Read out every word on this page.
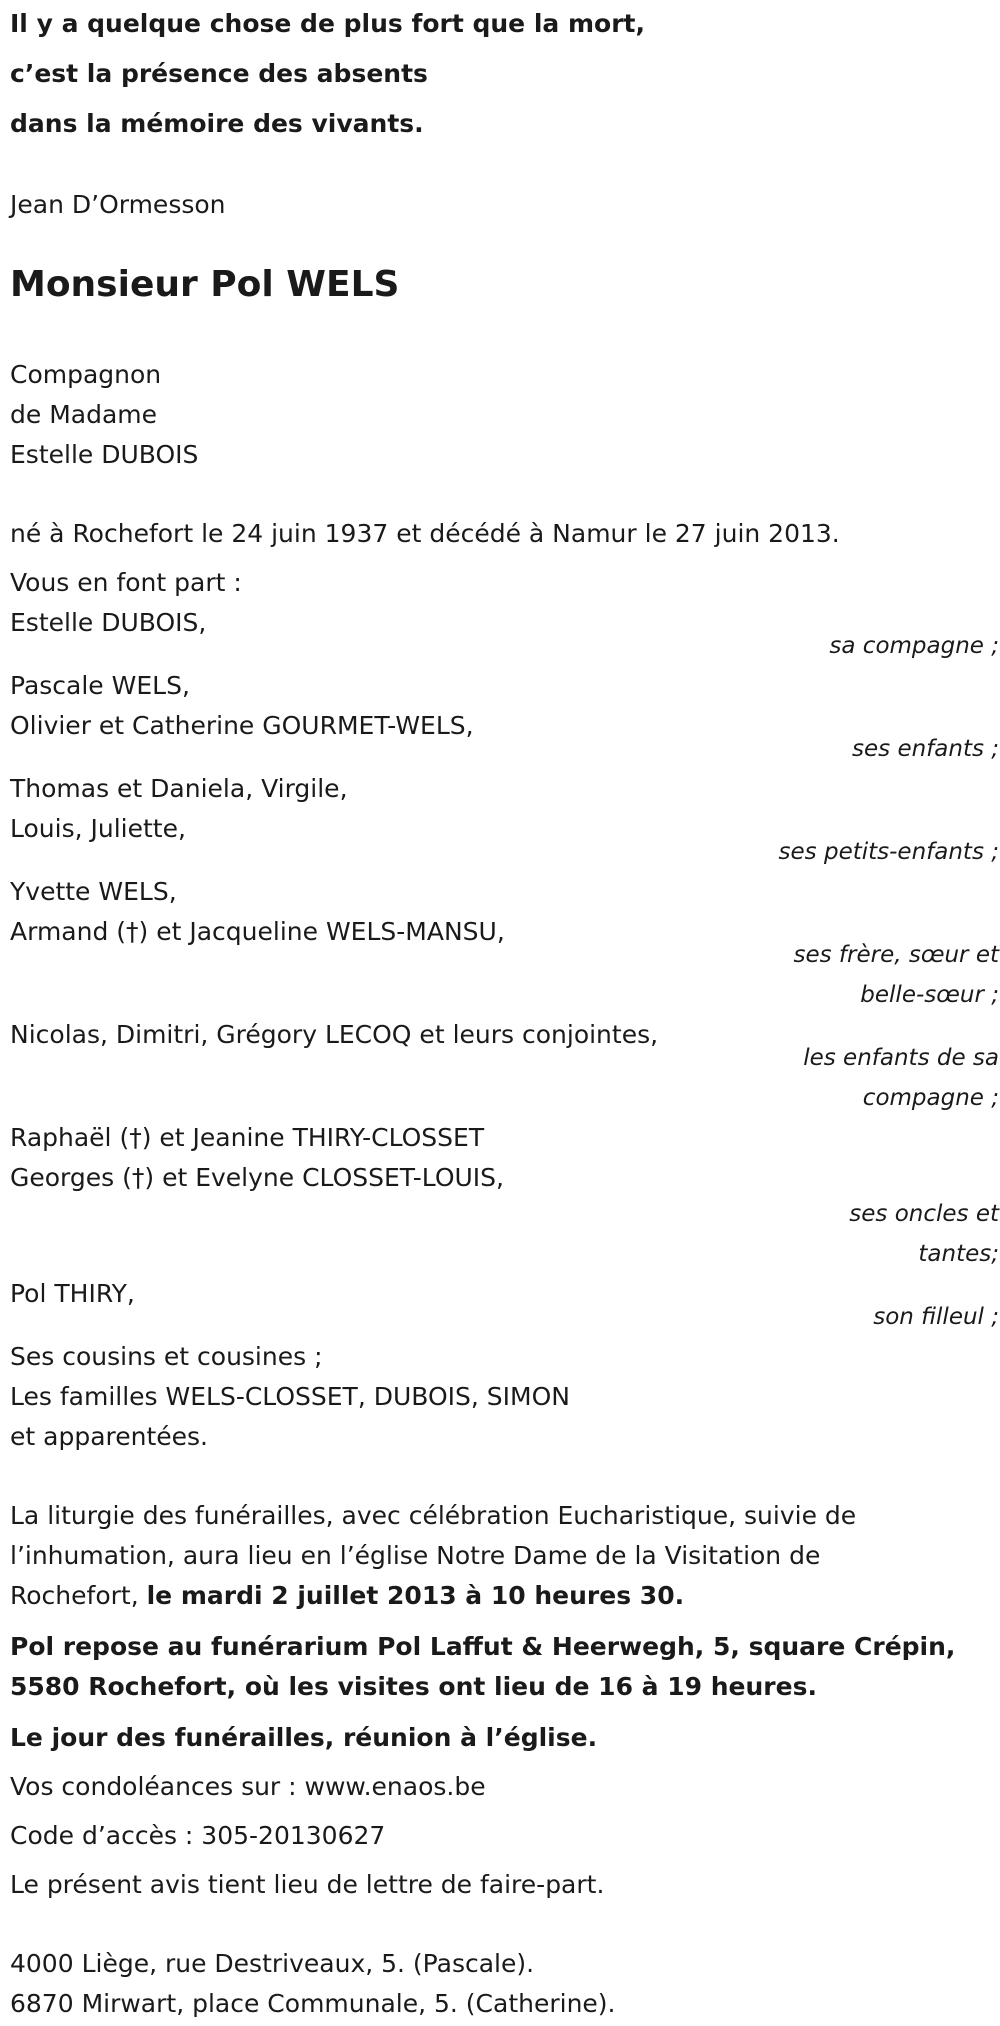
Il y a quelque chose de plus fort que la mort,

c’est la présence des absents

dans la mémoire des vivants.

Jean D’Ormesson

Monsieur Pol WELS

Compagnon

de Madame

Estelle DUBOIS

né à Rochefort le 24 juin 1937 et décédé à Namur le 27 juin 2013.

Vous en font part :

Estelle DUBOIS,

sa compagne ;

Pascale WELS,

Olivier et Catherine GOURMET-WELS,

ses enfants ;

Thomas et Daniela, Virgile,

Louis, Juliette,

ses petits-enfants ;

Yvette WELS,

Armand (†) et Jacqueline WELS-MANSU,

ses frère, sœur et

belle-sœur ;

Nicolas, Dimitri, Grégory LECOQ et leurs conjointes,

les enfants de sa

compagne ;

Raphaël (†) et Jeanine THIRY-CLOSSET

Georges (†) et Evelyne CLOSSET-LOUIS,

ses oncles et

tantes;

Pol THIRY,

son filleul ;

Ses cousins et cousines ;

Les familles WELS-CLOSSET, DUBOIS, SIMON

et apparentées.

La liturgie des funérailles, avec célébration Eucharistique, suivie de

l’inhumation, aura lieu en l’église Notre Dame de la Visitation de

Rochefort, le mardi 2 juillet 2013 à 10 heures 30.

Pol repose au funérarium Pol Laffut & Heerwegh, 5, square Crépin,

5580 Rochefort, où les visites ont lieu de 16 à 19 heures.

Le jour des funérailles, réunion à l’église.

Vos condoléances sur : www.enaos.be

Code d’accès : 305-20130627

Le présent avis tient lieu de lettre de faire-part.

4000 Liège, rue Destriveaux, 5. (Pascale).

6870 Mirwart, place Communale, 5. (Catherine).
